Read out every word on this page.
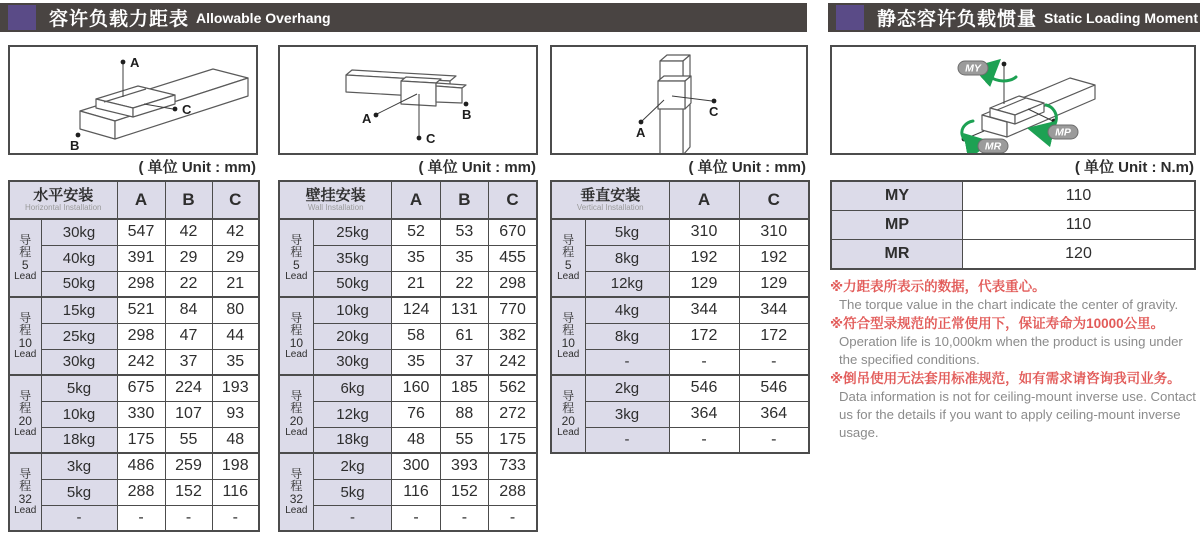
容许负载力距表 Allowable Overhang	静态容许负载惯量 Static Loading Moment
A
B
C
( 单位 Unit : mm)
水平安装
Horizontal Installation		A	B	C

导
程
5
Lead	30kg	547	42	42
	40kg	391	29	29
	50kg	298	22	21

导
程
10
Lead	15kg	521	84	80
	25kg	298	47	44
	30kg	242	37	35

导
程
20
Lead	5kg	675	224	193
	10kg	330	107	93
	18kg	175	55	48

导
程
32
Lead	3kg	486	259	198
	5kg	288	152	116
	-	-	-	-
A	B
C
( 单位 Unit : mm)
壁挂安装
Wall Installation		A	B	C

导
程
5
Lead	25kg	52	53	670
	35kg	35	35	455
	50kg	21	22	298

导
程
10
Lead	10kg	124	131	770
	20kg	58	61	382
	30kg	35	37	242

导
程
20
Lead	6kg	160	185	562
	12kg	76	88	272
	18kg	48	55	175

导
程
32
Lead	2kg	300	393	733
	5kg	116	152	288
	-	-	-	-
A
C
( 单位 Unit : mm)
垂直安装
Vertical Installation		A	C

导
程
5
Lead	5kg	310	310
	8kg	192	192
	12kg	129	129

导
程
10
Lead	4kg	344	344
	8kg	172	172
	-	-	-

导
程
20
Lead	2kg	546	546
	3kg	364	364
	-	-	-
MY
MP
MR
( 单位 Unit : N.m)
MY	110
MP	110
MR	120
※力距表所表示的数据，代表重心。
The torque value in the chart indicate the center of gravity.
※符合型录规范的正常使用下，保证寿命为10000公里。
Operation life is 10,000km when the product is using under the specified conditions.
※倒吊使用无法套用标准规范，如有需求请咨询我司业务。
Data information is not for ceiling-mount inverse use. Contact us for the details if you want to apply ceiling-mount inverse usage.
